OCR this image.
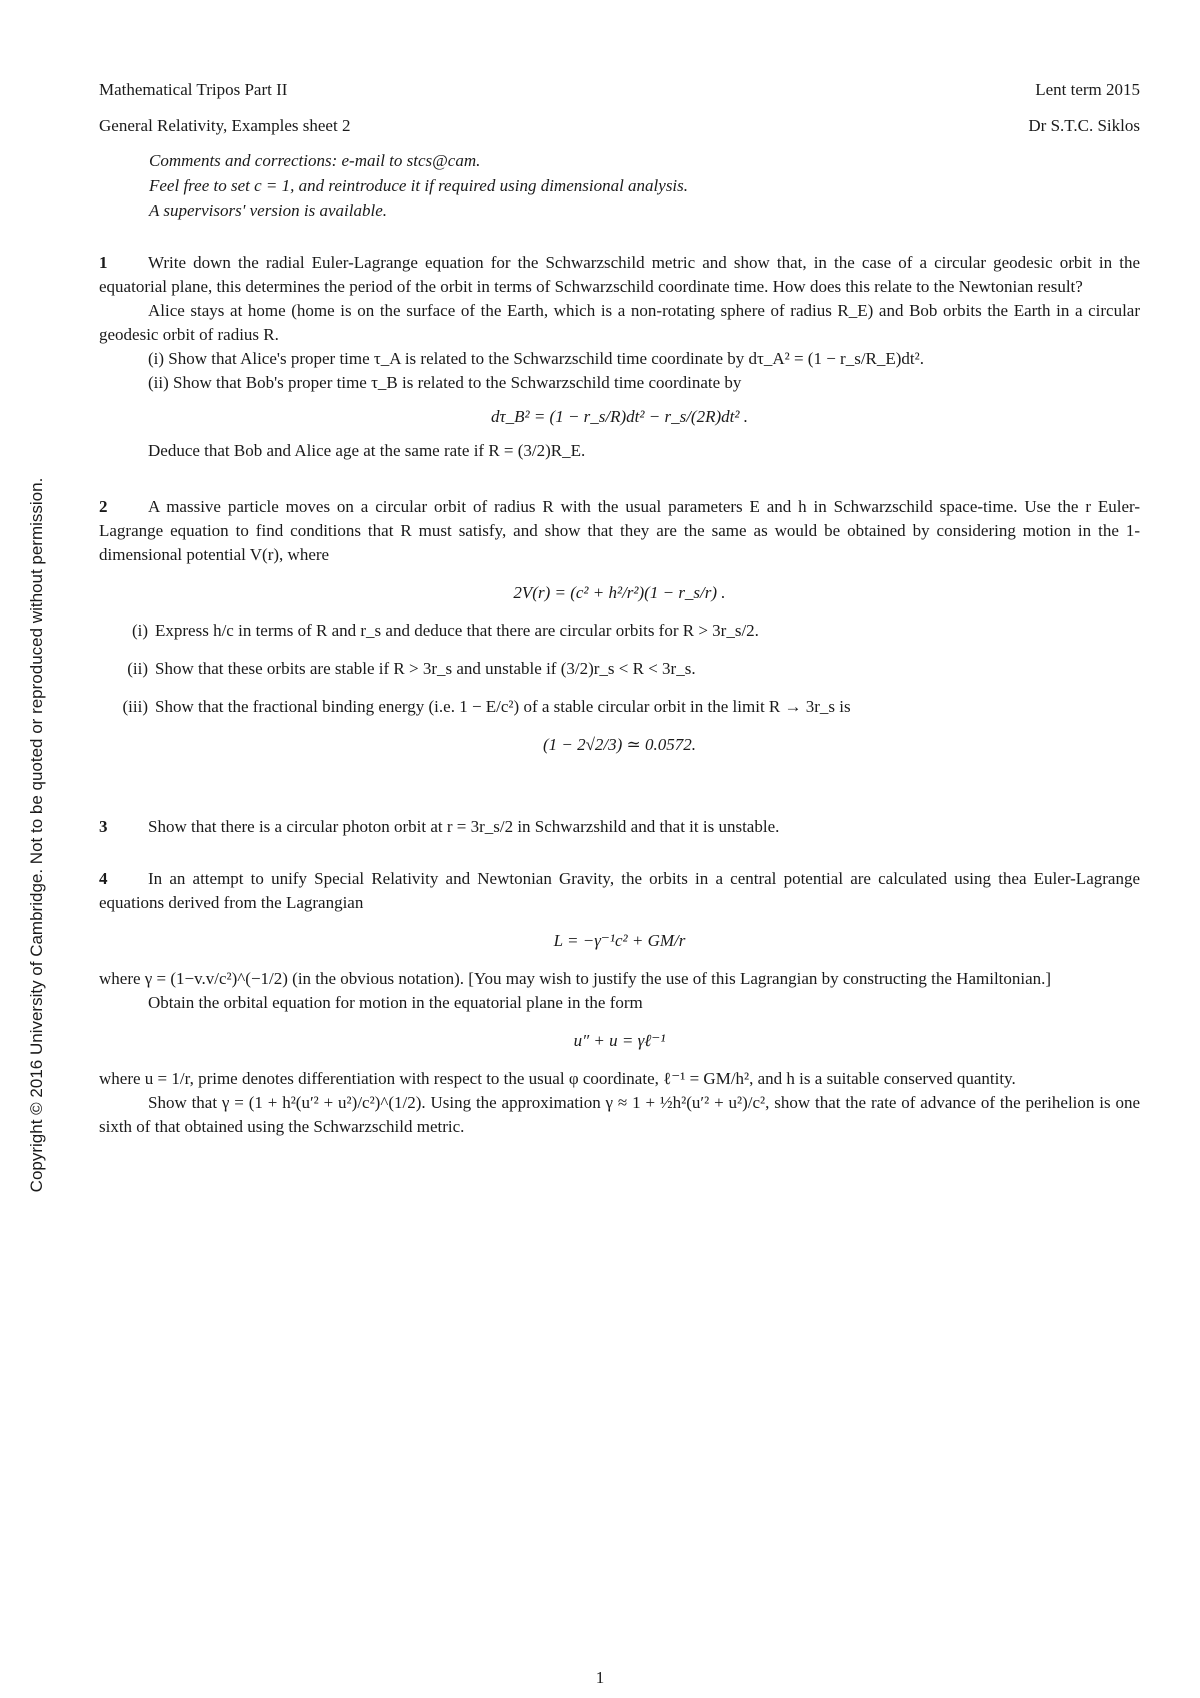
Mathematical Tripos Part II	Lent term 2015
General Relativity, Examples sheet 2	Dr S.T.C. Siklos
Comments and corrections: e-mail to stcs@cam.
Feel free to set c = 1, and reintroduce it if required using dimensional analysis.
A supervisors' version is available.
Copyright © 2016 University of Cambridge. Not to be quoted or reproduced without permission.

1 Write down the radial Euler-Lagrange equation for the Schwarzschild metric and show that, in the case of a circular geodesic orbit in the equatorial plane, this determines the period of the orbit in terms of Schwarzschild coordinate time. How does this relate to the Newtonian result?

Alice stays at home (home is on the surface of the Earth, which is a non-rotating sphere of radius R_E) and Bob orbits the Earth in a circular geodesic orbit of radius R.

(i) Show that Alice's proper time τ_A is related to the Schwarzschild time coordinate by dτ_A² = (1 − r_s/R_E)dt².

(ii) Show that Bob's proper time τ_B is related to the Schwarzschild time coordinate by

dτ_B² = (1 − r_s/R)dt² − r_s/(2R)dt² .

Deduce that Bob and Alice age at the same rate if R = (3/2)R_E.

2 A massive particle moves on a circular orbit of radius R with the usual parameters E and h in Schwarzschild space-time. Use the r Euler-Lagrange equation to find conditions that R must satisfy, and show that they are the same as would be obtained by considering motion in the 1-dimensional potential V(r), where

2V(r) = (c² + h²/r²)(1 − r_s/r) .
(i) Express h/c in terms of R and r_s and deduce that there are circular orbits for R > 3r_s/2.
(ii) Show that these orbits are stable if R > 3r_s and unstable if (3/2)r_s < R < 3r_s.
(iii) Show that the fractional binding energy (i.e. 1 − E/c²) of a stable circular orbit in the limit R → 3r_s is
(1 − 2√2/3) ≃ 0.0572.

3 Show that there is a circular photon orbit at r = 3r_s/2 in Schwarzshild and that it is unstable.

4 In an attempt to unify Special Relativity and Newtonian Gravity, the orbits in a central potential are calculated using thea Euler-Lagrange equations derived from the Lagrangian

L = −γ⁻¹c² + GM/r

where γ = (1−v.v/c²)^(−1/2) (in the obvious notation). [You may wish to justify the use of this Lagrangian by constructing the Hamiltonian.]

Obtain the orbital equation for motion in the equatorial plane in the form

u″ + u = γℓ⁻¹

where u = 1/r, prime denotes differentiation with respect to the usual φ coordinate, ℓ⁻¹ = GM/h², and h is a suitable conserved quantity.

Show that γ = (1 + h²(u′² + u²)/c²)^(1/2). Using the approximation γ ≈ 1 + ½h²(u′² + u²)/c², show that the rate of advance of the perihelion is one sixth of that obtained using the Schwarzschild metric.

1
